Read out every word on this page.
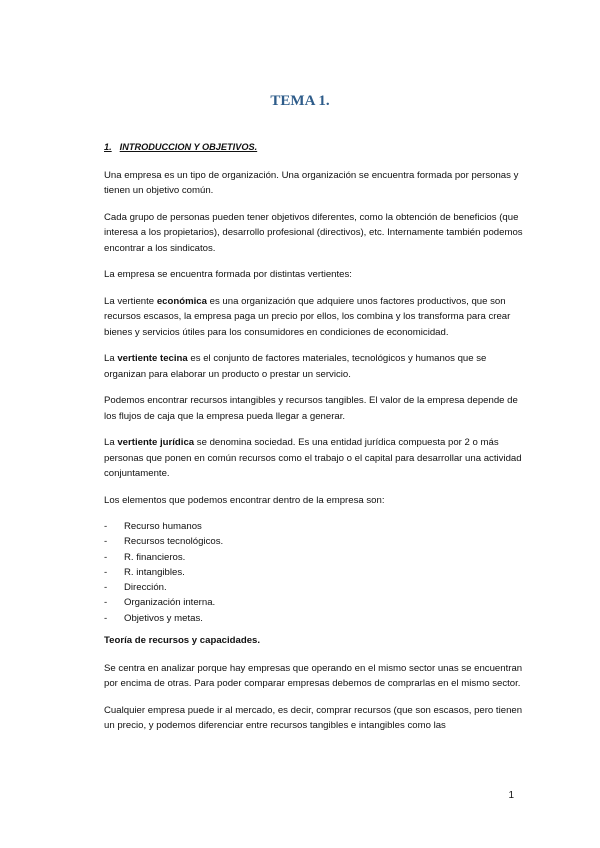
TEMA 1.
1. INTRODUCCION Y OBJETIVOS.

Una empresa es un tipo de organización. Una organización se encuentra formada por personas y tienen un objetivo común.

Cada grupo de personas pueden tener objetivos diferentes, como la obtención de beneficios (que interesa a los propietarios), desarrollo profesional (directivos), etc. Internamente también podemos encontrar a los sindicatos.

La empresa se encuentra formada por distintas vertientes:

La vertiente económica es una organización que adquiere unos factores productivos, que son recursos escasos, la empresa paga un precio por ellos, los combina y los transforma para crear bienes y servicios útiles para los consumidores en condiciones de economicidad.

La vertiente tecina es el conjunto de factores materiales, tecnológicos y humanos que se organizan para elaborar un producto o prestar un servicio.

Podemos encontrar recursos intangibles y recursos tangibles. El valor de la empresa depende de los flujos de caja que la empresa pueda llegar a generar.

La vertiente jurídica se denomina sociedad. Es una entidad jurídica compuesta por 2 o más personas que ponen en común recursos como el trabajo o el capital para desarrollar una actividad conjuntamente.

Los elementos que podemos encontrar dentro de la empresa son:

- Recurso humanos
- Recursos tecnológicos.
- R. financieros.
- R. intangibles.
- Dirección.
- Organización interna.
- Objetivos y metas.
Teoría de recursos y capacidades.

Se centra en analizar porque hay empresas que operando en el mismo sector unas se encuentran por encima de otras. Para poder comparar empresas debemos de comprarlas en el mismo sector.

Cualquier empresa puede ir al mercado, es decir, comprar recursos (que son escasos, pero tienen un precio, y podemos diferenciar entre recursos tangibles e intangibles como las

1
